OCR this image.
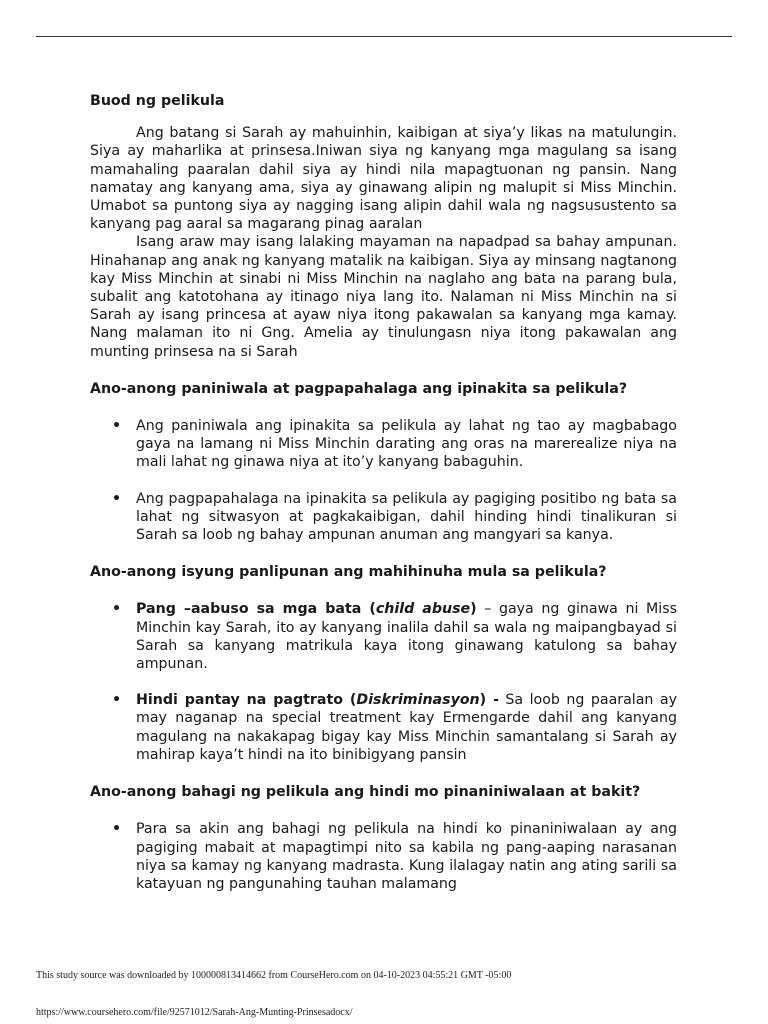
Buod ng pelikula

Ang batang si Sarah ay mahuinhin, kaibigan at siya’y likas na matulungin. Siya ay maharlika at prinsesa.Iniwan siya ng kanyang mga magulang sa isang mamahaling paaralan dahil siya ay hindi nila mapagtuonan ng pansin. Nang namatay ang kanyang ama, siya ay ginawang alipin ng malupit si Miss Minchin. Umabot sa puntong siya ay nagging isang alipin dahil wala ng nagsusustento sa kanyang pag aaral sa magarang pinag aaralan

Isang araw may isang lalaking mayaman na napadpad sa bahay ampunan. Hinahanap ang anak ng kanyang matalik na kaibigan. Siya ay minsang nagtanong kay Miss Minchin at sinabi ni Miss Minchin na naglaho ang bata na parang bula, subalit ang katotohana ay itinago niya lang ito. Nalaman ni Miss Minchin na si Sarah ay isang princesa at ayaw niya itong pakawalan sa kanyang mga kamay. Nang malaman ito ni Gng. Amelia ay tinulungasn niya itong pakawalan ang munting prinsesa na si Sarah

Ano-anong paniniwala at pagpapahalaga ang ipinakita sa pelikula?

• Ang paniniwala ang ipinakita sa pelikula ay lahat ng tao ay magbabago gaya na lamang ni Miss Minchin darating ang oras na marerealize niya na mali lahat ng ginawa niya at ito’y kanyang babaguhin.
• Ang pagpapahalaga na ipinakita sa pelikula ay pagiging positibo ng bata sa lahat ng sitwasyon at pagkakaibigan, dahil hinding hindi tinalikuran si Sarah sa loob ng bahay ampunan anuman ang mangyari sa kanya.

Ano-anong isyung panlipunan ang mahihinuha mula sa pelikula?

• Pang –aabuso sa mga bata (child abuse) – gaya ng ginawa ni Miss Minchin kay Sarah, ito ay kanyang inalila dahil sa wala ng maipangbayad si Sarah sa kanyang matrikula kaya itong ginawang katulong sa bahay ampunan.
• Hindi pantay na pagtrato (Diskriminasyon) - Sa loob ng paaralan ay may naganap na special treatment kay Ermengarde dahil ang kanyang magulang na nakakapag bigay kay Miss Minchin samantalang si Sarah ay mahirap kaya’t hindi na ito binibigyang pansin

Ano-anong bahagi ng pelikula ang hindi mo pinaniniwalaan at bakit?

• Para sa akin ang bahagi ng pelikula na hindi ko pinaniniwalaan ay ang pagiging mabait at mapagtimpi nito sa kabila ng pang-aaping narasanan niya sa kamay ng kanyang madrasta. Kung ilalagay natin ang ating sarili sa katayuan ng pangunahing tauhan malamang
This study source was downloaded by 100000813414662 from CourseHero.com on 04-10-2023 04:55:21 GMT -05:00
https://www.coursehero.com/file/92571012/Sarah-Ang-Munting-Prinsesadocx/
